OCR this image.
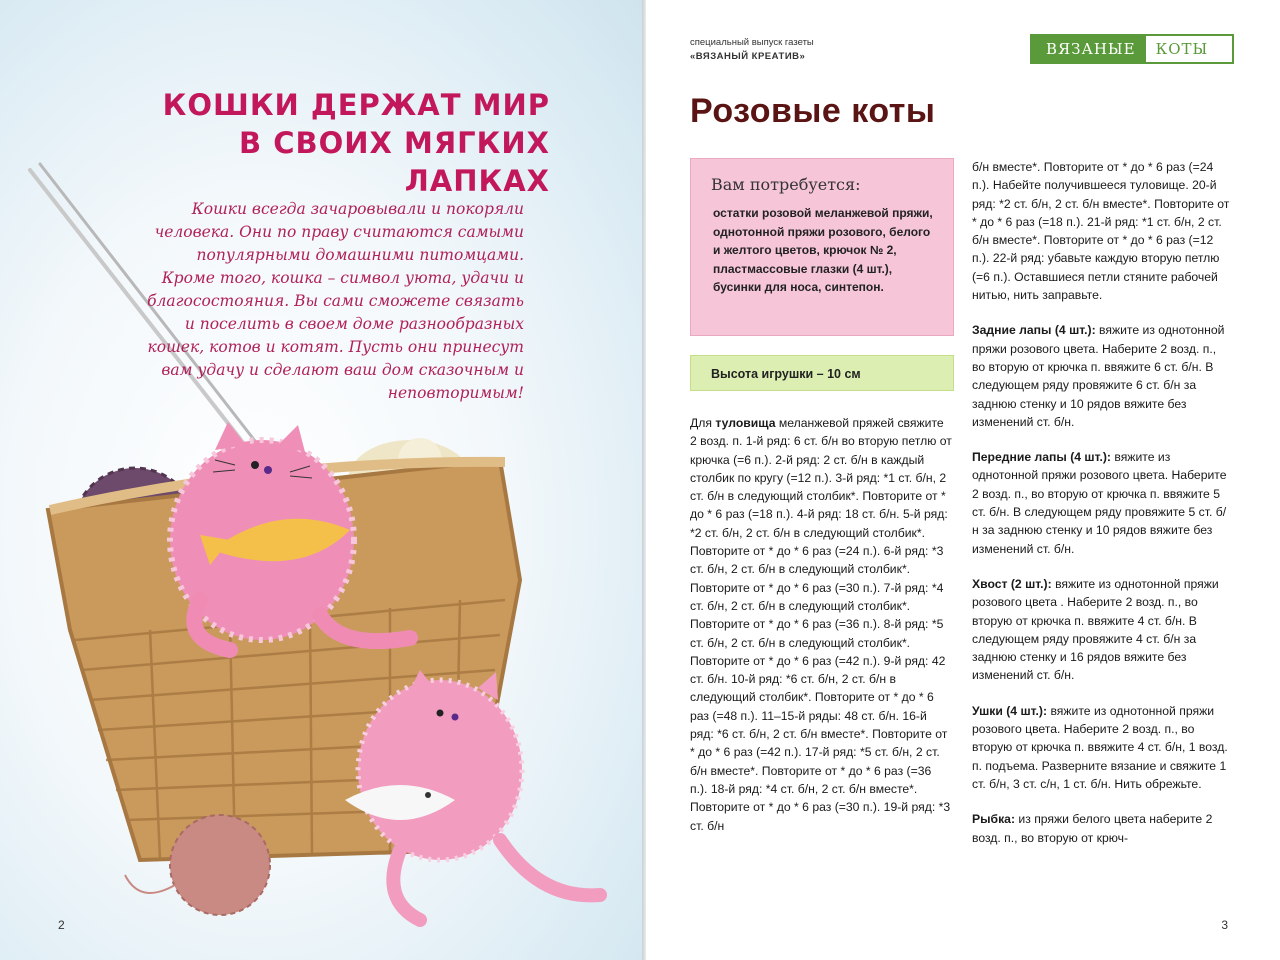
КОШКИ ДЕРЖАТ МИР
В СВОИХ МЯГКИХ ЛАПКАХ

Кошки всегда зачаровывали и покоряли человека. Они по праву считаются самыми популярными домашними питомцами. Кроме того, кошка – символ уюта, удачи и благосостояния. Вы сами сможете связать и поселить в своем доме разнообразных кошек, котов и котят. Пусть они принесут вам удачу и сделают ваш дом сказочным и неповторимым!

2
специальный выпуск газеты
«ВЯЗАНЫЙ КРЕАТИВ»	ВЯЗАНЫЕ	КОТЫ
Розовые коты
Вам потребуется:
остатки розовой меланжевой пряжи, однотонной пряжи розового, белого и желтого цветов, крючок № 2, пластмассовые глазки (4 шт.), бусинки для носа, синтепон.
Высота игрушки – 10 см
Для туловища меланжевой пряжей свяжите 2 возд. п. 1-й ряд: 6 ст. б/н во вторую петлю от крючка (=6 п.). 2-й ряд: 2 ст. б/н в каждый столбик по кругу (=12 п.). 3-й ряд: *1 ст. б/н, 2 ст. б/н в следующий столбик*. Повторите от * до * 6 раз (=18 п.). 4-й ряд: 18 ст. б/н. 5-й ряд: *2 ст. б/н, 2 ст. б/н в следующий столбик*. Повторите от * до * 6 раз (=24 п.). 6-й ряд: *3 ст. б/н, 2 ст. б/н в следующий столбик*. Повторите от * до * 6 раз (=30 п.). 7-й ряд: *4 ст. б/н, 2 ст. б/н в следующий столбик*. Повторите от * до * 6 раз (=36 п.). 8-й ряд: *5 ст. б/н, 2 ст. б/н в следующий столбик*. Повторите от * до * 6 раз (=42 п.). 9-й ряд: 42 ст. б/н. 10-й ряд: *6 ст. б/н, 2 ст. б/н в следующий столбик*. Повторите от * до * 6 раз (=48 п.). 11–15-й ряды: 48 ст. б/н. 16-й ряд: *6 ст. б/н, 2 ст. б/н вместе*. Повторите от * до * 6 раз (=42 п.). 17-й ряд: *5 ст. б/н, 2 ст. б/н вместе*. Повторите от * до * 6 раз (=36 п.). 18-й ряд: *4 ст. б/н, 2 ст. б/н вместе*. Повторите от * до * 6 раз (=30 п.). 19-й ряд: *3 ст. б/н

б/н вместе*. Повторите от * до * 6 раз (=24 п.). Набейте получившееся туловище. 20-й ряд: *2 ст. б/н, 2 ст. б/н вместе*. Повторите от * до * 6 раз (=18 п.). 21-й ряд: *1 ст. б/н, 2 ст. б/н вместе*. Повторите от * до * 6 раз (=12 п.). 22-й ряд: убавьте каждую вторую петлю (=6 п.). Оставшиеся петли стяните рабочей нитью, нить заправьте.

Задние лапы (4 шт.): вяжите из однотонной пряжи розового цвета. Наберите 2 возд. п., во вторую от крючка п. ввяжите 6 ст. б/н. В следующем ряду провяжите 6 ст. б/н за заднюю стенку и 10 рядов вяжите без изменений ст. б/н.

Передние лапы (4 шт.): вяжите из однотонной пряжи розового цвета. Наберите 2 возд. п., во вторую от крючка п. ввяжите 5 ст. б/н. В следующем ряду провяжите 5 ст. б/н за заднюю стенку и 10 рядов вяжите без изменений ст. б/н.

Хвост (2 шт.): вяжите из однотонной пряжи розового цвета . Наберите 2 возд. п., во вторую от крючка п. ввяжите 4 ст. б/н. В следующем ряду провяжите 4 ст. б/н за заднюю стенку и 16 рядов вяжите без изменений ст. б/н.

Ушки (4 шт.): вяжите из однотонной пряжи розового цвета. Наберите 2 возд. п., во вторую от крючка п. ввяжите 4 ст. б/н, 1 возд. п. подъема. Разверните вязание и свяжите 1 ст. б/н, 3 ст. с/н, 1 ст. б/н. Нить обрежьте.

Рыбка: из пряжи белого цвета наберите 2 возд. п., во вторую от крюч-

3
